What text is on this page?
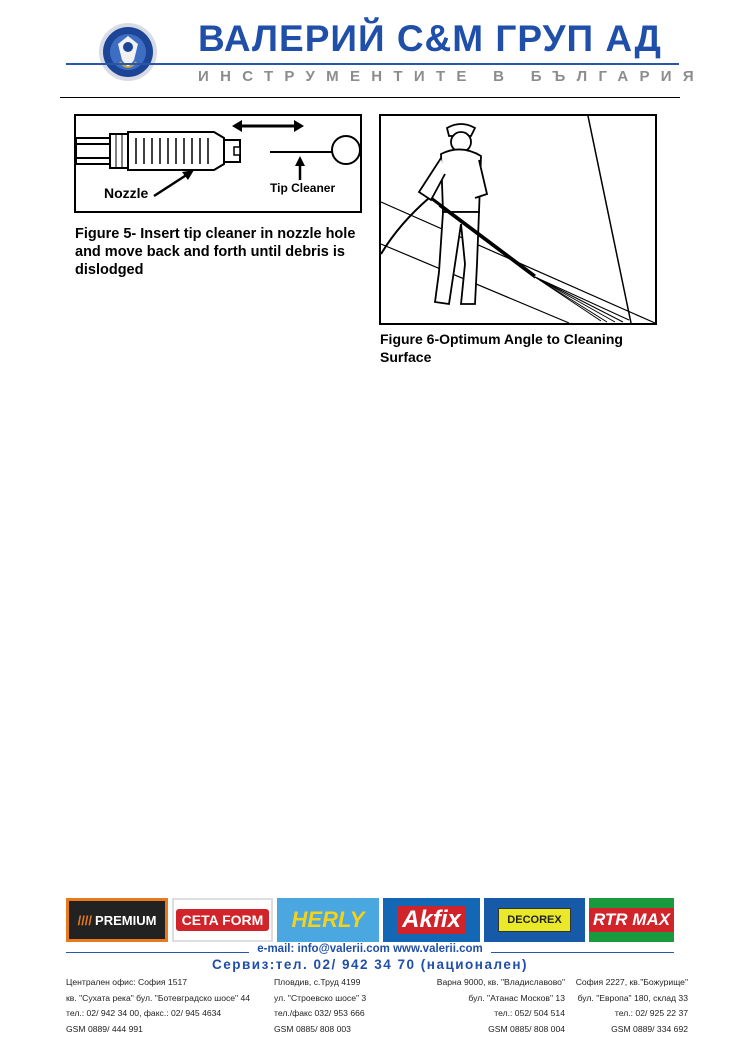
ВАЛЕРИЙ С&M ГРУП АД
ИНСТРУМЕНТИТЕ В БЪЛГАРИЯ
Nozzle	Tip Cleaner
Figure 5- Insert tip cleaner in nozzle hole and move back and forth until debris is dislodged
Figure 6-Optimum Angle to Cleaning Surface
//// PREMIUM	CETA FORM HERLY Akfix	DECOREX	RTR MAX
e-mail: info@valerii.com www.valerii.com
Сервиз:тел. 02/ 942 34 70 (национален)
Централен офис: София 1517
кв. "Сухата река" бул. "Ботевградско шосе" 44
тел.: 02/ 942 34 00, факс.: 02/ 945 4634
GSM 0889/ 444 991
Пловдив, с.Труд 4199
ул. "Строевско шосе" 3
тел./факс 032/ 953 666
GSM 0885/ 808 003
Варна 9000, кв. "Владиславово"
бул. "Атанас Москов" 13
тел.: 052/ 504 514
GSM 0885/ 808 004
София 2227, кв."Божурище"
бул. "Европа" 180, склад 33
тел.: 02/ 925 22 37
GSM 0889/ 334 692
